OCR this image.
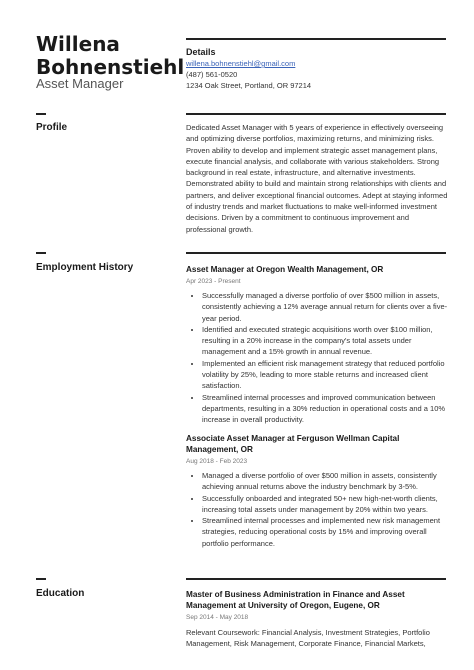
Willena
Bohnenstiehl

Asset Manager

Details

willena.bohnenstiehl@gmail.com

(487) 561-0520

1234 Oak Street, Portland, OR 97214

Profile	Dedicated Asset Manager with 5 years of experience in effectively overseeing and optimizing diverse portfolios, maximizing returns, and minimizing risks. Proven ability to develop and implement strategic asset management plans, execute financial analysis, and collaborate with various stakeholders. Strong background in real estate, infrastructure, and alternative investments. Demonstrated ability to build and maintain strong relationships with clients and partners, and deliver exceptional financial outcomes. Adept at staying informed of industry trends and market fluctuations to make well-informed investment decisions. Driven by a commitment to continuous improvement and professional growth.

Employment History	Asset Manager at Oregon Wealth Management, OR

Apr 2023 - Present

• Successfully managed a diverse portfolio of over $500 million in assets, consistently achieving a 12% average annual return for clients over a five-year period.
• Identified and executed strategic acquisitions worth over $100 million, resulting in a 20% increase in the company's total assets under management and a 15% growth in annual revenue.
• Implemented an efficient risk management strategy that reduced portfolio volatility by 25%, leading to more stable returns and increased client satisfaction.
• Streamlined internal processes and improved communication between departments, resulting in a 30% reduction in operational costs and a 10% increase in overall productivity.

Associate Asset Manager at Ferguson Wellman Capital Management, OR

Aug 2018 - Feb 2023

• Managed a diverse portfolio of over $500 million in assets, consistently achieving annual returns above the industry benchmark by 3-5%.
• Successfully onboarded and integrated 50+ new high-net-worth clients, increasing total assets under management by 20% within two years.
• Streamlined internal processes and implemented new risk management strategies, reducing operational costs by 15% and improving overall portfolio performance.

Education	Master of Business Administration in Finance and Asset Management at University of Oregon, Eugene, OR

Sep 2014 - May 2018

Relevant Coursework: Financial Analysis, Investment Strategies, Portfolio Management, Risk Management, Corporate Finance, Financial Markets,
